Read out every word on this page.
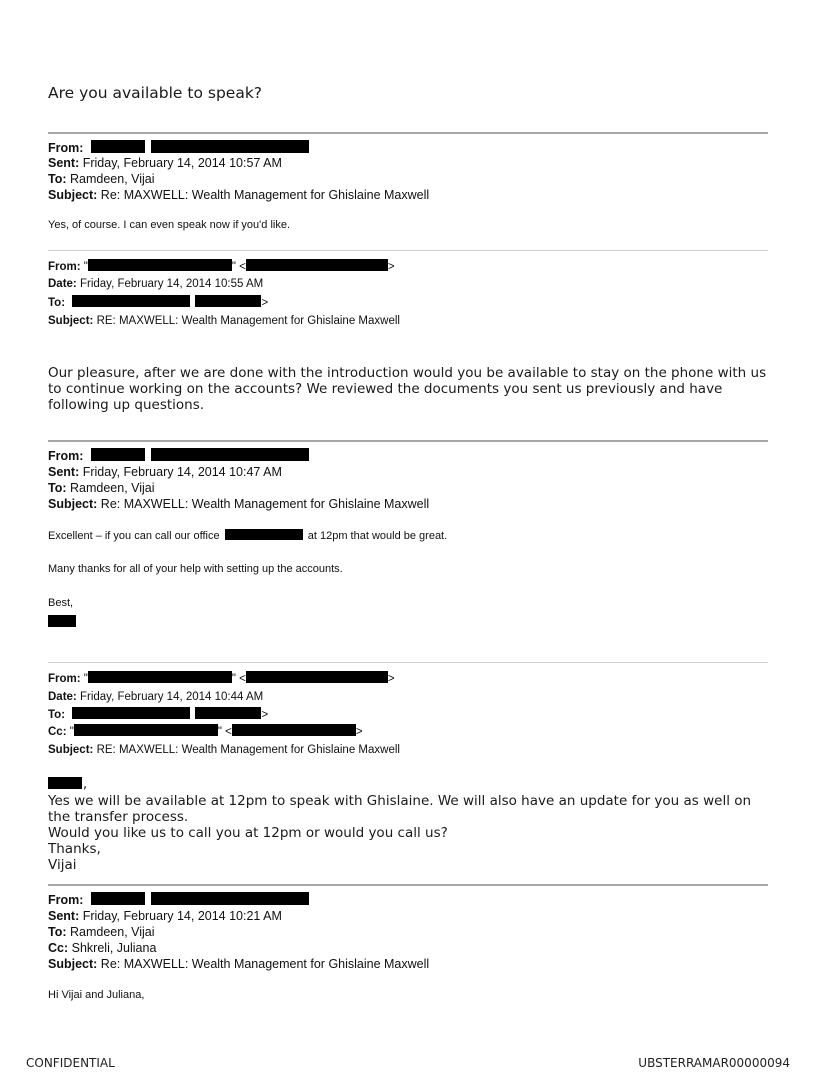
Are you available to speak?
From:
Sent: Friday, February 14, 2014 10:57 AM
To: Ramdeen, Vijai
Subject: Re: MAXWELL: Wealth Management for Ghislaine Maxwell
Yes, of course. I can even speak now if you'd like.
From: "	" <	>
Date: Friday, February 14, 2014 10:55 AM
To:	>
Subject: RE: MAXWELL: Wealth Management for Ghislaine Maxwell
Our pleasure, after we are done with the introduction would you be available to stay on the phone with us
to continue working on the accounts? We reviewed the documents you sent us previously and have
following up questions.
From:
Sent: Friday, February 14, 2014 10:47 AM
To: Ramdeen, Vijai
Subject: Re: MAXWELL: Wealth Management for Ghislaine Maxwell
Excellent – if you can call our office	at 12pm that would be great.
Many thanks for all of your help with setting up the accounts.
Best,
From: "	" <	>
Date: Friday, February 14, 2014 10:44 AM
To:	>
Cc: "	" <	>
Subject: RE: MAXWELL: Wealth Management for Ghislaine Maxwell
,
Yes we will be available at 12pm to speak with Ghislaine. We will also have an update for you as well on
the transfer process.
Would you like us to call you at 12pm or would you call us?
Thanks,
Vijai
From:
Sent: Friday, February 14, 2014 10:21 AM
To: Ramdeen, Vijai
Cc: Shkreli, Juliana
Subject: Re: MAXWELL: Wealth Management for Ghislaine Maxwell
Hi Vijai and Juliana,
CONFIDENTIAL	UBSTERRAMAR00000094
